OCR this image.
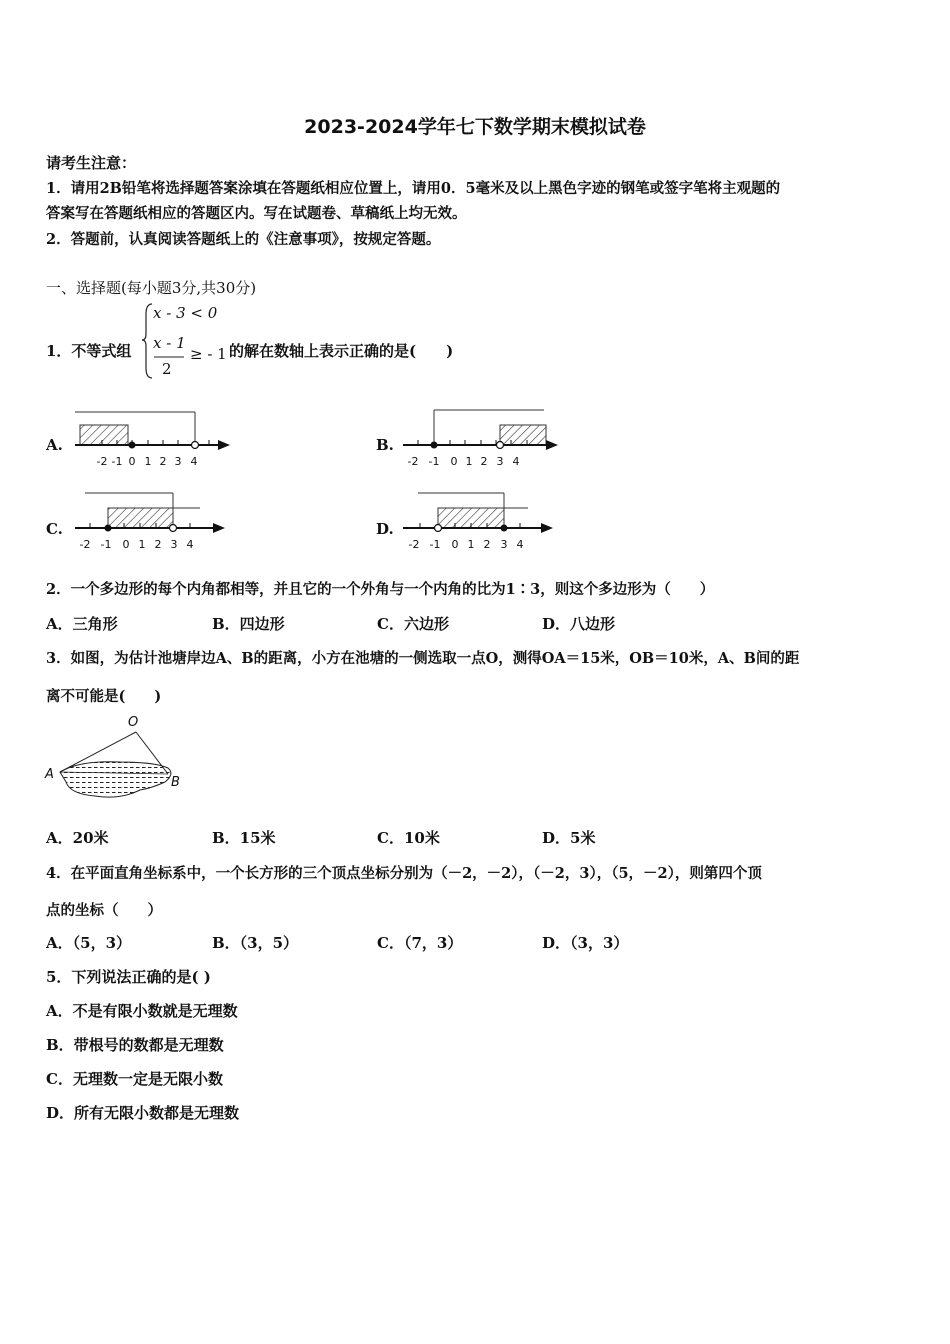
2023-2024学年七下数学期末模拟试卷
请考生注意：
1．请用2B铅笔将选择题答案涂填在答题纸相应位置上，请用0．5毫米及以上黑色字迹的钢笔或签字笔将主观题的
答案写在答题纸相应的答题区内。写在试题卷、草稿纸上均无效。
2．答题前，认真阅读答题纸上的《注意事项》，按规定答题。
一、选择题(每小题3分,共30分)
1．不等式组
x - 3 < 0
x - 1
2
≥ - 1 的解在数轴上表示正确的是(　　)
A.
-2 -1 0 1 2 3 4
B.
-2 -1 0 1 2 3 4
C.
-2 -1 0 1 2 3 4
D.
-2 -1 0 1 2 3 4
2．一个多边形的每个内角都相等，并且它的一个外角与一个内角的比为1∶3，则这个多边形为（　　）
A．三角形	B．四边形	C．六边形	D．八边形
3．如图，为估计池塘岸边A、B的距离，小方在池塘的一侧选取一点O，测得OA＝15米，OB＝10米，A、B间的距
离不可能是(　　)
O
A
B
A．20米	B．15米	C．10米	D．5米
4．在平面直角坐标系中，一个长方形的三个顶点坐标分别为（－2，－2），（－2，3），（5，－2），则第四个顶
点的坐标（　　）
A．（5，3）	B．（3，5）	C．（7，3）	D．（3，3）
5．下列说法正确的是( )
A．不是有限小数就是无理数
B．带根号的数都是无理数
C．无理数一定是无限小数
D．所有无限小数都是无理数
